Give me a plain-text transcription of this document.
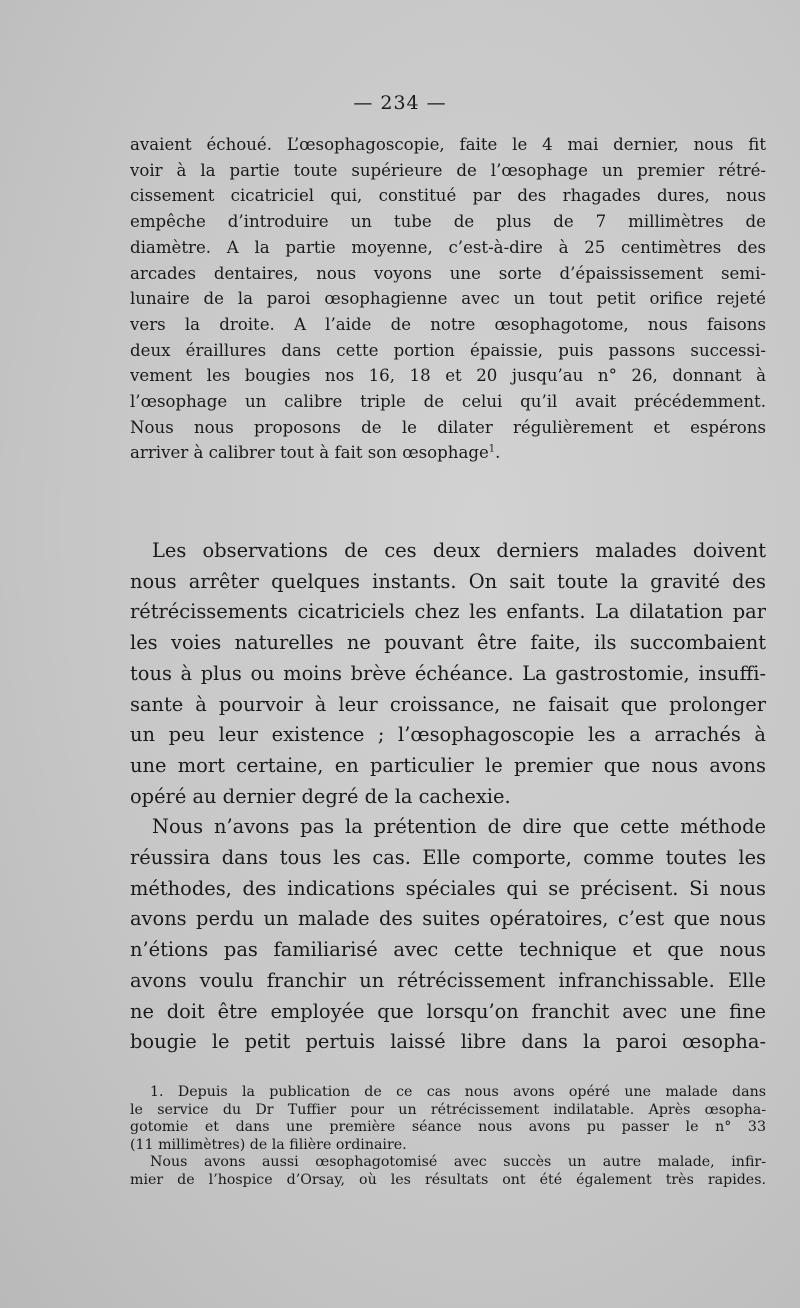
— 234 —
avaient échoué. L’œsophagoscopie, faite le 4 mai dernier, nous fit
voir à la partie toute supérieure de l’œsophage un premier rétré-
cissement cicatriciel qui, constitué par des rhagades dures, nous
empêche d’introduire un tube de plus de 7 millimètres de
diamètre. A la partie moyenne, c’est-à-dire à 25 centimètres des
arcades dentaires, nous voyons une sorte d’épaississement semi-
lunaire de la paroi œsophagienne avec un tout petit orifice rejeté
vers la droite. A l’aide de notre œsophagotome, nous faisons
deux éraillures dans cette portion épaissie, puis passons successi-
vement les bougies nos 16, 18 et 20 jusqu’au n° 26, donnant à
l’œsophage un calibre triple de celui qu’il avait précédemment.
Nous nous proposons de le dilater régulièrement et espérons
arriver à calibrer tout à fait son œsophage$^1$.
Les observations de ces deux derniers malades doivent
nous arrêter quelques instants. On sait toute la gravité des
rétrécissements cicatriciels chez les enfants. La dilatation par
les voies naturelles ne pouvant être faite, ils succombaient
tous à plus ou moins brève échéance. La gastrostomie, insuffi-
sante à pourvoir à leur croissance, ne faisait que prolonger
un peu leur existence ; l’œsophagoscopie les a arrachés à
une mort certaine, en particulier le premier que nous avons
opéré au dernier degré de la cachexie.
Nous n’avons pas la prétention de dire que cette méthode
réussira dans tous les cas. Elle comporte, comme toutes les
méthodes, des indications spéciales qui se précisent. Si nous
avons perdu un malade des suites opératoires, c’est que nous
n’étions pas familiarisé avec cette technique et que nous
avons voulu franchir un rétrécissement infranchissable. Elle
ne doit être employée que lorsqu’on franchit avec une fine
bougie le petit pertuis laissé libre dans la paroi œsopha-
1. Depuis la publication de ce cas nous avons opéré une malade dans
le service du Dr Tuffier pour un rétrécissement indilatable. Après œsopha-
gotomie et dans une première séance nous avons pu passer le n° 33
(11 millimètres) de la filière ordinaire.
Nous avons aussi œsophagotomisé avec succès un autre malade, infir-
mier de l’hospice d’Orsay, où les résultats ont été également très rapides.
